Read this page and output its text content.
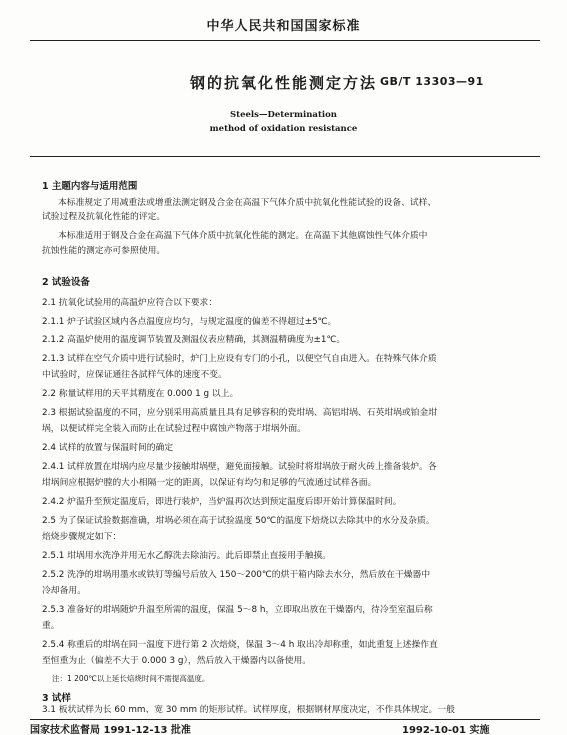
中华人民共和国国家标准
钢的抗氧化性能测定方法 GB/T 13303—91
Steels—Determination
method of oxidation resistance
1 主题内容与适用范围
本标准规定了用减重法或增重法测定钢及合金在高温下气体介质中抗氧化性能试验的设备、试样、
试验过程及抗氧化性能的评定。
本标准适用于钢及合金在高温下气体介质中抗氧化性能的测定。在高温下其他腐蚀性气体介质中
抗蚀性能的测定亦可参照使用。
2 试验设备
2.1 抗氧化试验用的高温炉应符合以下要求：
2.1.1 炉子试验区域内各点温度应均匀，与规定温度的偏差不得超过±5℃。
2.1.2 高温炉使用的温度调节装置及测温仪表应精确，其测温精确度为±1℃。
2.1.3 试样在空气介质中进行试验时，炉门上应设有专门的小孔，以便空气自由进入。在特殊气体介质
中试验时，应保证通往各試样气体的速度不变。
2.2 称量试样用的天平其精度在 0.000 1 g 以上。
2.3 根据试验温度的不同，应分别采用高质量且具有足够容积的瓷坩埚、高铝坩埚、石英坩埚或铂金坩
埚，以便试样完全装入而防止在试验过程中腐蚀产物落于坩埚外面。
2.4 试样的放置与保温时间的确定
2.4.1 试样放置在坩埚内应尽量少接触坩埚壁，避免面接触。试验时将坩埚放于耐火砖上推备装炉。各
坩埚间应根据炉膛的大小相隔一定的距离，以保证有均匀和足够的气流通过试样各面。
2.4.2 炉温升至预定温度后，即进行装炉，当炉温再次达到预定温度后即开始计算保温时间。
2.5 为了保证试验数据准确，坩埚必须在高于试验温度 50℃的温度下焙烧以去除其中的水分及杂质。
焙烧步骤规定如下：
2.5.1 坩埚用水洗净并用无水乙醇洗去除油污。此后即禁止直接用手触摸。
2.5.2 洗净的坩埚用墨水或铁钉等编号后放入 150～200℃的烘干箱内除去水分，然后放在干燥器中
冷却备用。
2.5.3 准备好的坩埚随炉升温至所需的温度，保温 5～8 h，立即取出放在干燥器内，待冷至室温后称
重。
2.5.4 称重后的坩埚在同一温度下进行第 2 次焙烧，保温 3～4 h 取出冷却称重，如此重复上述操作直
至恒重为止（偏差不大于 0.000 3 g），然后放入干燥器内以备使用。
注：1 200℃以上延长焙烧时间不需提高温度。
3 试样
3.1 板状试样为长 60 mm、宽 30 mm 的矩形试样。试样厚度，根据钢材厚度决定，不作具体规定。一般
国家技术监督局 1991-12-13 批准	1992-10-01 实施
